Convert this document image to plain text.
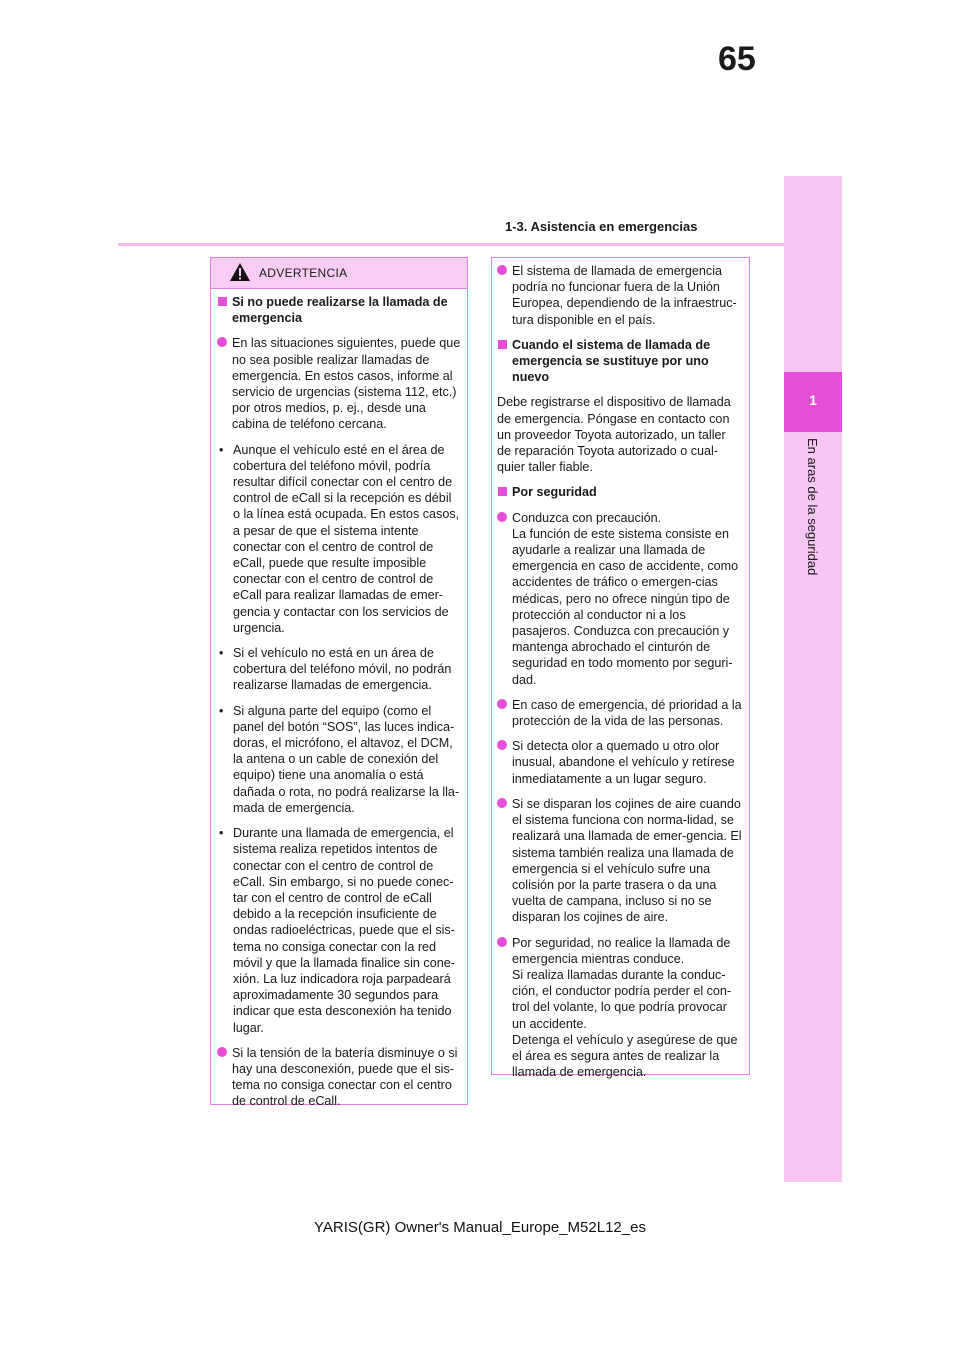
65
1-3. Asistencia en emergencias
1
En aras de la seguridad
ADVERTENCIA

Si no puede realizarse la llamada de emergencia

En las situaciones siguientes, puede que no sea posible realizar llamadas de emergencia. En estos casos, informe al servicio de urgencias (sistema 112, etc.) por otros medios, p. ej., desde una cabina de teléfono cercana.

• Aunque el vehículo esté en el área de cobertura del teléfono móvil, podría resultar difícil conectar con el centro de control de eCall si la recepción es débil o la línea está ocupada. En estos casos, a pesar de que el sistema intente conectar con el centro de control de eCall, puede que resulte imposible conectar con el centro de control de eCall para realizar llamadas de emer-gencia y contactar con los servicios de urgencia.

• Si el vehículo no está en un área de cobertura del teléfono móvil, no podrán realizarse llamadas de emergencia.

• Si alguna parte del equipo (como el panel del botón “SOS”, las luces indica-doras, el micrófono, el altavoz, el DCM, la antena o un cable de conexión del equipo) tiene una anomalía o está dañada o rota, no podrá realizarse la lla-mada de emergencia.

• Durante una llamada de emergencia, el sistema realiza repetidos intentos de conectar con el centro de control de eCall. Sin embargo, si no puede conec-tar con el centro de control de eCall debido a la recepción insuficiente de ondas radioeléctricas, puede que el sis-tema no consiga conectar con la red móvil y que la llamada finalice sin cone-xión. La luz indicadora roja parpadeará aproximadamente 30 segundos para indicar que esta desconexión ha tenido lugar.

Si la tensión de la batería disminuye o si hay una desconexión, puede que el sis-tema no consiga conectar con el centro de control de eCall.

El sistema de llamada de emergencia podría no funcionar fuera de la Unión Europea, dependiendo de la infraestruc-tura disponible en el país.

Cuando el sistema de llamada de emergencia se sustituye por uno nuevo

Debe registrarse el dispositivo de llamada de emergencia. Póngase en contacto con un proveedor Toyota autorizado, un taller de reparación Toyota autorizado o cual-quier taller fiable.

Por seguridad

Conduzca con precaución.
La función de este sistema consiste en ayudarle a realizar una llamada de emergencia en caso de accidente, como accidentes de tráfico o emergen-cias médicas, pero no ofrece ningún tipo de protección al conductor ni a los pasajeros. Conduzca con precaución y mantenga abrochado el cinturón de seguridad en todo momento por seguri-dad.

En caso de emergencia, dé prioridad a la protección de la vida de las personas.

Si detecta olor a quemado u otro olor inusual, abandone el vehículo y retírese inmediatamente a un lugar seguro.

Si se disparan los cojines de aire cuando el sistema funciona con norma-lidad, se realizará una llamada de emer-gencia. El sistema también realiza una llamada de emergencia si el vehículo sufre una colisión por la parte trasera o da una vuelta de campana, incluso si no se disparan los cojines de aire.

Por seguridad, no realice la llamada de emergencia mientras conduce.
Si realiza llamadas durante la conduc-ción, el conductor podría perder el con-trol del volante, lo que podría provocar un accidente.
Detenga el vehículo y asegúrese de que el área es segura antes de realizar la llamada de emergencia.

YARIS(GR) Owner's Manual_Europe_M52L12_es
